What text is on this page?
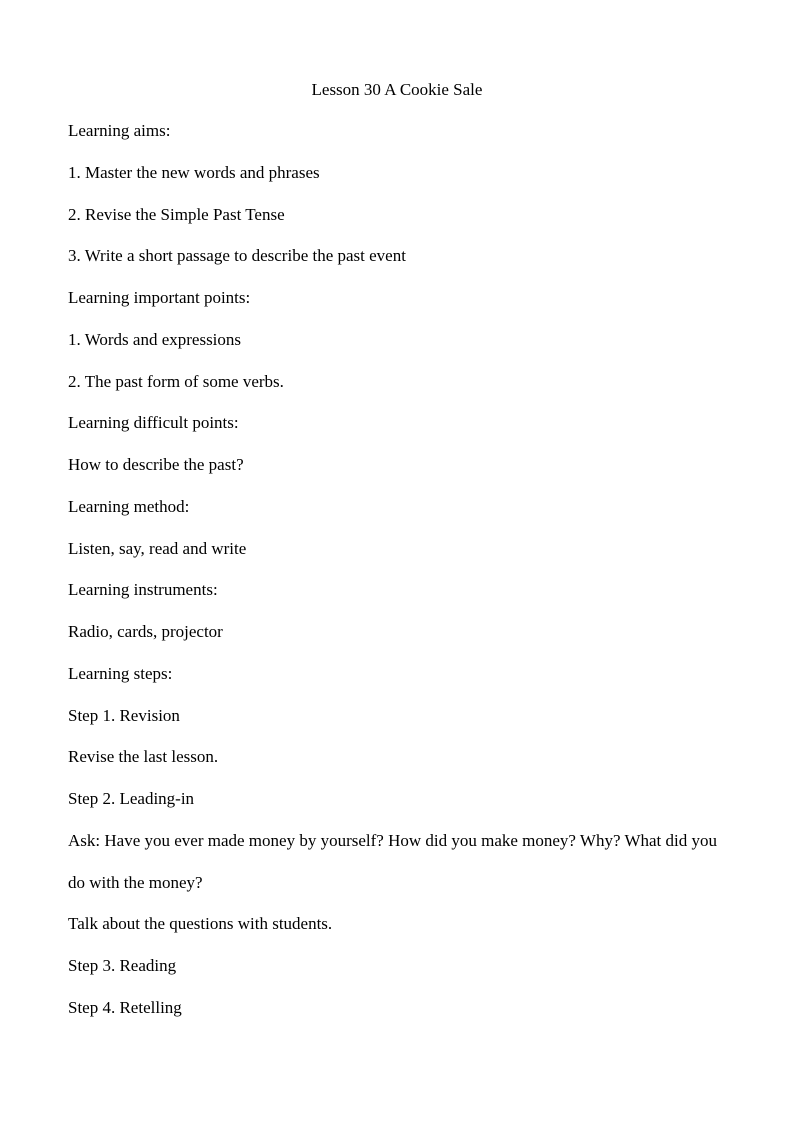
Lesson 30 A Cookie Sale
Learning aims:
1. Master the new words and phrases
2. Revise the Simple Past Tense
3. Write a short passage to describe the past event
Learning important points:
1. Words and expressions
2. The past form of some verbs.
Learning difficult points:
How to describe the past?
Learning method:
Listen, say, read and write
Learning instruments:
Radio, cards, projector
Learning steps:
Step 1. Revision
Revise the last lesson.
Step 2. Leading-in
Ask: Have you ever made money by yourself? How did you make money? Why? What did you do with the money?
Talk about the questions with students.
Step 3. Reading
Step 4. Retelling
